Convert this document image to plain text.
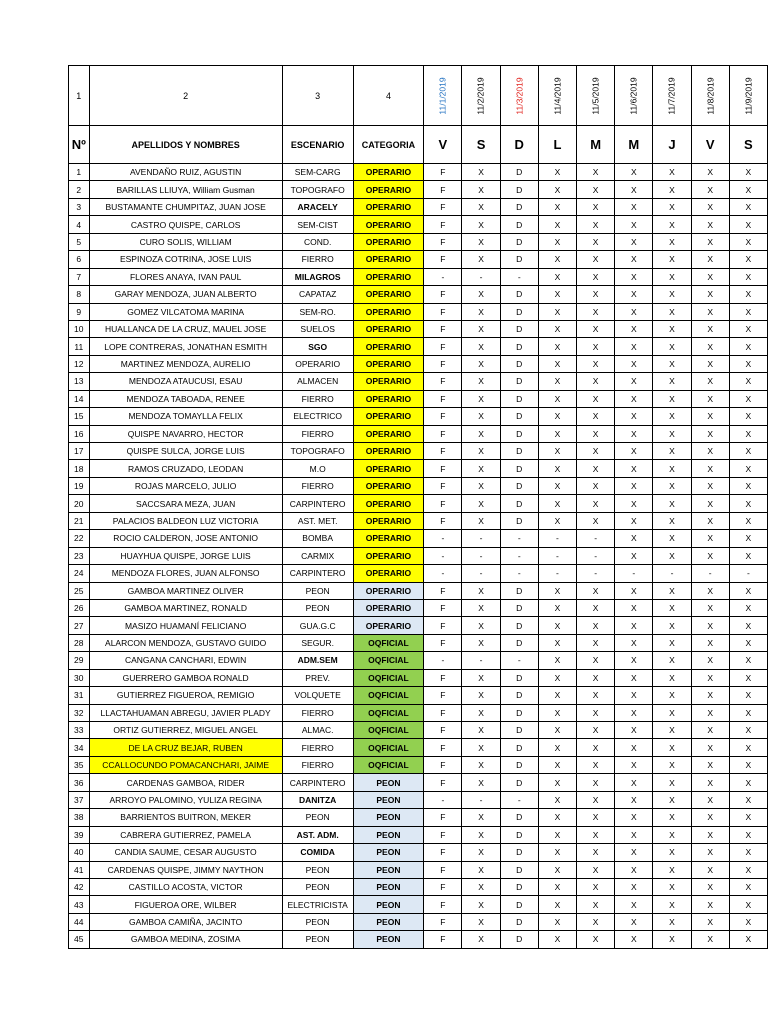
1	2	3	4	11/1/2019	11/2/2019	11/3/2019	11/4/2019	11/5/2019	11/6/2019	11/7/2019	11/8/2019	11/9/2019
Nº	APELLIDOS Y NOMBRES	ESCENARIO	CATEGORIA	V	S	D	L	M	M	J	V	S
1	AVENDAÑO RUIZ, AGUSTIN	SEM-CARG	OPERARIO	F	X	D	X	X	X	X	X	X
2	BARILLAS LLIUYA, William Gusman	TOPOGRAFO	OPERARIO	F	X	D	X	X	X	X	X	X
3	BUSTAMANTE CHUMPITAZ, JUAN JOSE	ARACELY	OPERARIO	F	X	D	X	X	X	X	X	X
4	CASTRO QUISPE, CARLOS	SEM-CIST	OPERARIO	F	X	D	X	X	X	X	X	X
5	CURO SOLIS, WILLIAM	COND.	OPERARIO	F	X	D	X	X	X	X	X	X
6	ESPINOZA COTRINA, JOSE LUIS	FIERRO	OPERARIO	F	X	D	X	X	X	X	X	X
7	FLORES ANAYA, IVAN PAUL	MILAGROS	OPERARIO	-	-	-	X	X	X	X	X	X
8	GARAY MENDOZA, JUAN ALBERTO	CAPATAZ	OPERARIO	F	X	D	X	X	X	X	X	X
9	GOMEZ VILCATOMA MARINA	SEM-RO.	OPERARIO	F	X	D	X	X	X	X	X	X
10	HUALLANCA DE LA CRUZ, MAUEL JOSE	SUELOS	OPERARIO	F	X	D	X	X	X	X	X	X
11	LOPE CONTRERAS, JONATHAN ESMITH	SGO	OPERARIO	F	X	D	X	X	X	X	X	X
12	MARTINEZ MENDOZA, AURELIO	OPERARIO	OPERARIO	F	X	D	X	X	X	X	X	X
13	MENDOZA ATAUCUSI, ESAU	ALMACEN	OPERARIO	F	X	D	X	X	X	X	X	X
14	MENDOZA TABOADA, RENEE	FIERRO	OPERARIO	F	X	D	X	X	X	X	X	X
15	MENDOZA TOMAYLLA FELIX	ELECTRICO	OPERARIO	F	X	D	X	X	X	X	X	X
16	QUISPE NAVARRO, HECTOR	FIERRO	OPERARIO	F	X	D	X	X	X	X	X	X
17	QUISPE SULCA, JORGE LUIS	TOPOGRAFO	OPERARIO	F	X	D	X	X	X	X	X	X
18	RAMOS CRUZADO, LEODAN	M.O	OPERARIO	F	X	D	X	X	X	X	X	X
19	ROJAS MARCELO, JULIO	FIERRO	OPERARIO	F	X	D	X	X	X	X	X	X
20	SACCSARA MEZA, JUAN	CARPINTERO	OPERARIO	F	X	D	X	X	X	X	X	X
21	PALACIOS BALDEON LUZ VICTORIA	AST. MET.	OPERARIO	F	X	D	X	X	X	X	X	X
22	ROCIO CALDERON, JOSE ANTONIO	BOMBA	OPERARIO	-	-	-	-	-	X	X	X	X
23	HUAYHUA QUISPE, JORGE LUIS	CARMIX	OPERARIO	-	-	-	-	-	X	X	X	X
24	MENDOZA FLORES, JUAN ALFONSO	CARPINTERO	OPERARIO	-	-	-	-	-	-	-	-	-
25	GAMBOA MARTINEZ OLIVER	PEON	OPERARIO	F	X	D	X	X	X	X	X	X
26	GAMBOA MARTINEZ, RONALD	PEON	OPERARIO	F	X	D	X	X	X	X	X	X
27	MASIZO HUAMANÍ FELICIANO	GUA.G.C	OPERARIO	F	X	D	X	X	X	X	X	X
28	ALARCON MENDOZA, GUSTAVO GUIDO	SEGUR.	OQFICIAL	F	X	D	X	X	X	X	X	X
29	CANGANA CANCHARI, EDWIN	ADM.SEM	OQFICIAL	-	-	-	X	X	X	X	X	X
30	GUERRERO GAMBOA RONALD	PREV.	OQFICIAL	F	X	D	X	X	X	X	X	X
31	GUTIERREZ FIGUEROA, REMIGIO	VOLQUETE	OQFICIAL	F	X	D	X	X	X	X	X	X
32	LLACTAHUAMAN ABREGU, JAVIER PLADY	FIERRO	OQFICIAL	F	X	D	X	X	X	X	X	X
33	ORTIZ GUTIERREZ, MIGUEL ANGEL	ALMAC.	OQFICIAL	F	X	D	X	X	X	X	X	X
34	DE LA CRUZ BEJAR, RUBEN	FIERRO	OQFICIAL	F	X	D	X	X	X	X	X	X
35	CCALLOCUNDO POMACANCHARI, JAIME	FIERRO	OQFICIAL	F	X	D	X	X	X	X	X	X
36	CARDENAS GAMBOA, RIDER	CARPINTERO	PEON	F	X	D	X	X	X	X	X	X
37	ARROYO PALOMINO, YULIZA REGINA	DANITZA	PEON	-	-	-	X	X	X	X	X	X
38	BARRIENTOS BUITRON, MEKER	PEON	PEON	F	X	D	X	X	X	X	X	X
39	CABRERA GUTIERREZ, PAMELA	AST. ADM.	PEON	F	X	D	X	X	X	X	X	X
40	CANDIA SAUME, CESAR AUGUSTO	COMIDA	PEON	F	X	D	X	X	X	X	X	X
41	CARDENAS QUISPE, JIMMY NAYTHON	PEON	PEON	F	X	D	X	X	X	X	X	X
42	CASTILLO ACOSTA, VICTOR	PEON	PEON	F	X	D	X	X	X	X	X	X
43	FIGUEROA ORE, WILBER	ELECTRICISTA	PEON	F	X	D	X	X	X	X	X	X
44	GAMBOA CAMIÑA, JACINTO	PEON	PEON	F	X	D	X	X	X	X	X	X
45	GAMBOA MEDINA, ZOSIMA	PEON	PEON	F	X	D	X	X	X	X	X	X
